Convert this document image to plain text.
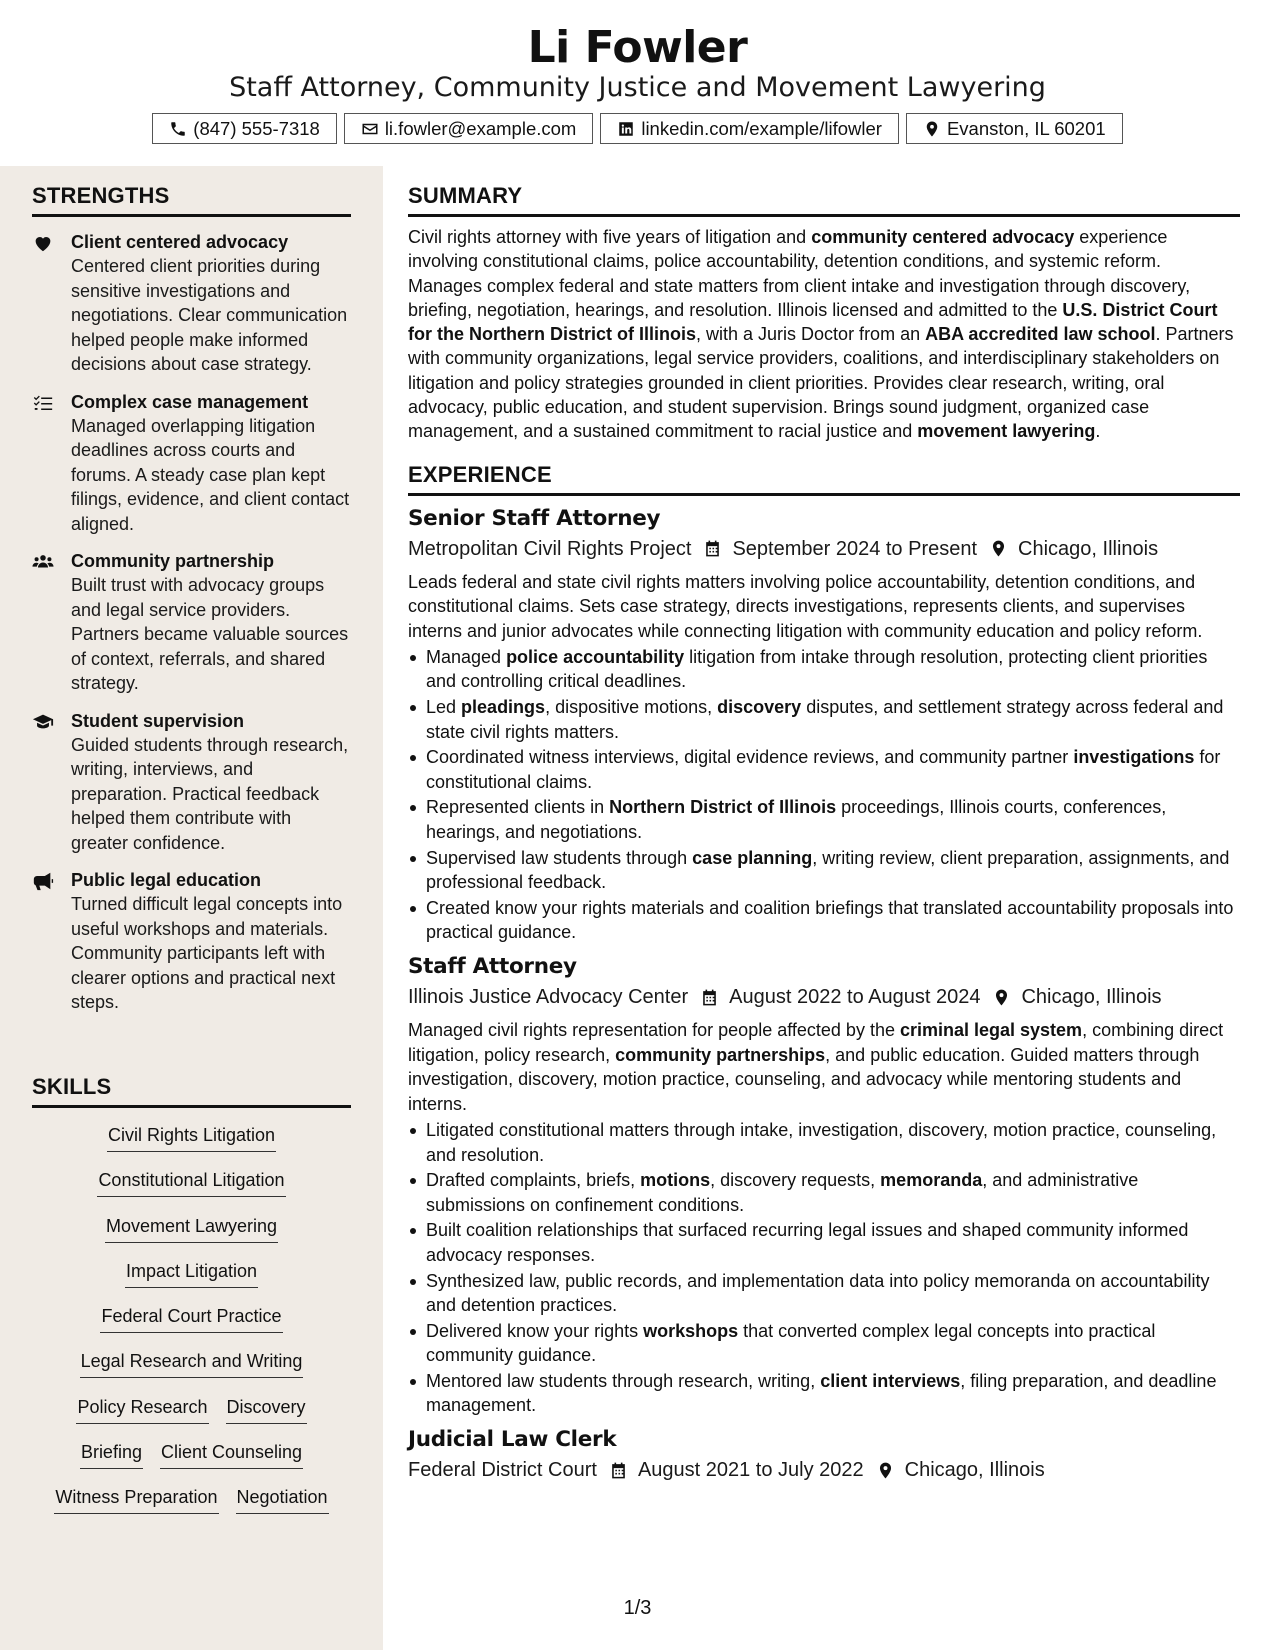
Li Fowler
Staff Attorney, Community Justice and Movement Lawyering
(847) 555-7318	li.fowler@example.com	linkedin.com/example/lifowler	Evanston, IL 60201
STRENGTHS
Client centered advocacy
Centered client priorities during sensitive investigations and negotiations. Clear communication helped people make informed decisions about case strategy.
Complex case management
Managed overlapping litigation deadlines across courts and forums. A steady case plan kept filings, evidence, and client contact aligned.
Community partnership
Built trust with advocacy groups and legal service providers. Partners became valuable sources of context, referrals, and shared strategy.
Student supervision
Guided students through research, writing, interviews, and preparation. Practical feedback helped them contribute with greater confidence.
Public legal education
Turned difficult legal concepts into useful workshops and materials. Community participants left with clearer options and practical next steps.
SKILLS
Civil Rights Litigation
Constitutional Litigation
Movement Lawyering
Impact Litigation
Federal Court Practice
Legal Research and Writing
Policy Research Discovery
Briefing Client Counseling
Witness Preparation Negotiation
SUMMARY

Civil rights attorney with five years of litigation and community centered advocacy experience involving constitutional claims, police accountability, detention conditions, and systemic reform. Manages complex federal and state matters from client intake and investigation through discovery, briefing, negotiation, hearings, and resolution. Illinois licensed and admitted to the U.S. District Court for the Northern District of Illinois, with a Juris Doctor from an ABA accredited law school. Partners with community organizations, legal service providers, coalitions, and interdisciplinary stakeholders on litigation and policy strategies grounded in client priorities. Provides clear research, writing, oral advocacy, public education, and student supervision. Brings sound judgment, organized case management, and a sustained commitment to racial justice and movement lawyering.

EXPERIENCE
Senior Staff Attorney
Metropolitan Civil Rights Project September 2024 to Present Chicago, Illinois

Leads federal and state civil rights matters involving police accountability, detention conditions, and constitutional claims. Sets case strategy, directs investigations, represents clients, and supervises interns and junior advocates while connecting litigation with community education and policy reform.

Managed police accountability litigation from intake through resolution, protecting client priorities and controlling critical deadlines.
Led pleadings, dispositive motions, discovery disputes, and settlement strategy across federal and state civil rights matters.
Coordinated witness interviews, digital evidence reviews, and community partner investigations for constitutional claims.
Represented clients in Northern District of Illinois proceedings, Illinois courts, conferences, hearings, and negotiations.
Supervised law students through case planning, writing review, client preparation, assignments, and professional feedback.
Created know your rights materials and coalition briefings that translated accountability proposals into practical guidance.
Staff Attorney
Illinois Justice Advocacy Center August 2022 to August 2024 Chicago, Illinois

Managed civil rights representation for people affected by the criminal legal system, combining direct litigation, policy research, community partnerships, and public education. Guided matters through investigation, discovery, motion practice, counseling, and advocacy while mentoring students and interns.

Litigated constitutional matters through intake, investigation, discovery, motion practice, counseling, and resolution.
Drafted complaints, briefs, motions, discovery requests, memoranda, and administrative submissions on confinement conditions.
Built coalition relationships that surfaced recurring legal issues and shaped community informed advocacy responses.
Synthesized law, public records, and implementation data into policy memoranda on accountability and detention practices.
Delivered know your rights workshops that converted complex legal concepts into practical community guidance.
Mentored law students through research, writing, client interviews, filing preparation, and deadline management.
Judicial Law Clerk
Federal District Court August 2021 to July 2022 Chicago, Illinois
1/3
